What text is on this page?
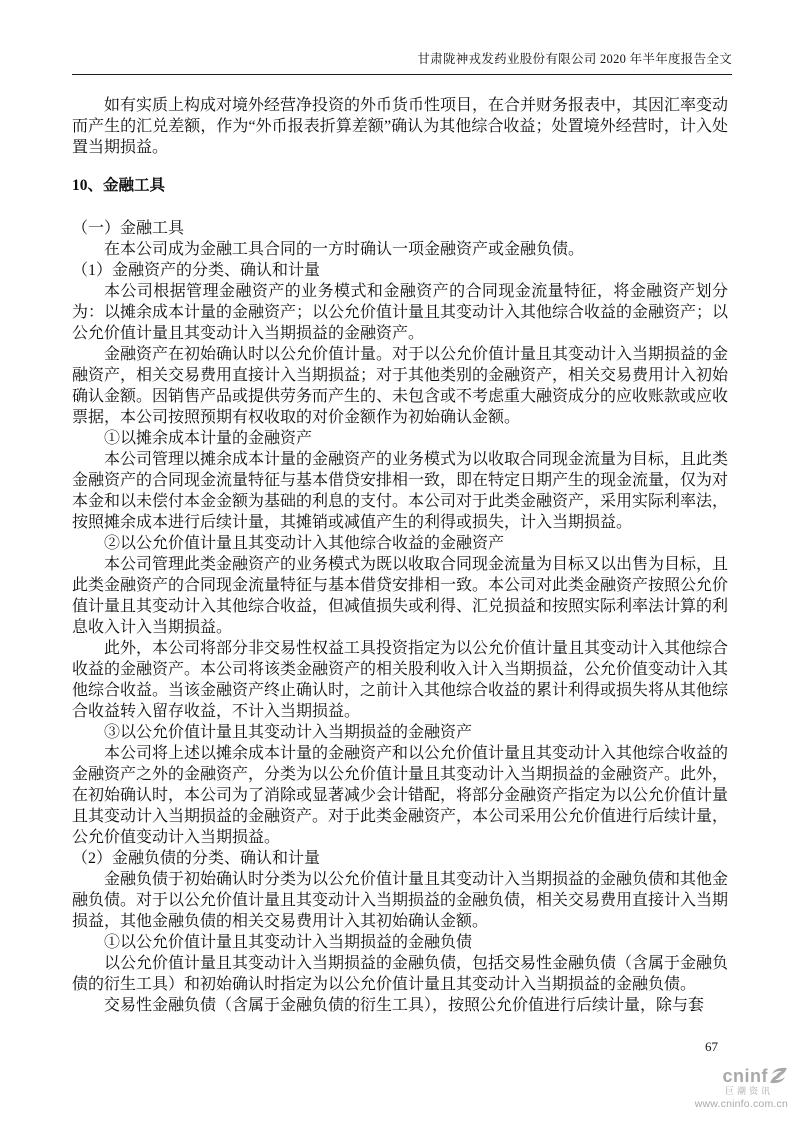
甘肃陇神戎发药业股份有限公司 2020 年半年度报告全文

如有实质上构成对境外经营净投资的外币货币性项目，在合并财务报表中，其因汇率变动而产生的汇兑差额，作为“外币报表折算差额”确认为其他综合收益；处置境外经营时，计入处置当期损益。

10、金融工具

（一）金融工具

在本公司成为金融工具合同的一方时确认一项金融资产或金融负债。

（1）金融资产的分类、确认和计量

本公司根据管理金融资产的业务模式和金融资产的合同现金流量特征，将金融资产划分为：以摊余成本计量的金融资产；以公允价值计量且其变动计入其他综合收益的金融资产；以公允价值计量且其变动计入当期损益的金融资产。

金融资产在初始确认时以公允价值计量。对于以公允价值计量且其变动计入当期损益的金融资产，相关交易费用直接计入当期损益；对于其他类别的金融资产，相关交易费用计入初始确认金额。因销售产品或提供劳务而产生的、未包含或不考虑重大融资成分的应收账款或应收票据，本公司按照预期有权收取的对价金额作为初始确认金额。

①以摊余成本计量的金融资产

本公司管理以摊余成本计量的金融资产的业务模式为以收取合同现金流量为目标，且此类金融资产的合同现金流量特征与基本借贷安排相一致，即在特定日期产生的现金流量，仅为对本金和以未偿付本金金额为基础的利息的支付。本公司对于此类金融资产，采用实际利率法，按照摊余成本进行后续计量，其摊销或减值产生的利得或损失，计入当期损益。

②以公允价值计量且其变动计入其他综合收益的金融资产

本公司管理此类金融资产的业务模式为既以收取合同现金流量为目标又以出售为目标，且此类金融资产的合同现金流量特征与基本借贷安排相一致。本公司对此类金融资产按照公允价值计量且其变动计入其他综合收益，但减值损失或利得、汇兑损益和按照实际利率法计算的利息收入计入当期损益。

此外，本公司将部分非交易性权益工具投资指定为以公允价值计量且其变动计入其他综合收益的金融资产。本公司将该类金融资产的相关股利收入计入当期损益，公允价值变动计入其他综合收益。当该金融资产终止确认时，之前计入其他综合收益的累计利得或损失将从其他综合收益转入留存收益，不计入当期损益。

③以公允价值计量且其变动计入当期损益的金融资产

本公司将上述以摊余成本计量的金融资产和以公允价值计量且其变动计入其他综合收益的金融资产之外的金融资产，分类为以公允价值计量且其变动计入当期损益的金融资产。此外，在初始确认时，本公司为了消除或显著减少会计错配，将部分金融资产指定为以公允价值计量且其变动计入当期损益的金融资产。对于此类金融资产，本公司采用公允价值进行后续计量，公允价值变动计入当期损益。

（2）金融负债的分类、确认和计量

金融负债于初始确认时分类为以公允价值计量且其变动计入当期损益的金融负债和其他金融负债。对于以公允价值计量且其变动计入当期损益的金融负债，相关交易费用直接计入当期损益，其他金融负债的相关交易费用计入其初始确认金额。

①以公允价值计量且其变动计入当期损益的金融负债

以公允价值计量且其变动计入当期损益的金融负债，包括交易性金融负债（含属于金融负债的衍生工具）和初始确认时指定为以公允价值计量且其变动计入当期损益的金融负债。

交易性金融负债（含属于金融负债的衍生工具），按照公允价值进行后续计量，除与套

67
cninf
巨潮资讯
www.cninfo.com.cn
